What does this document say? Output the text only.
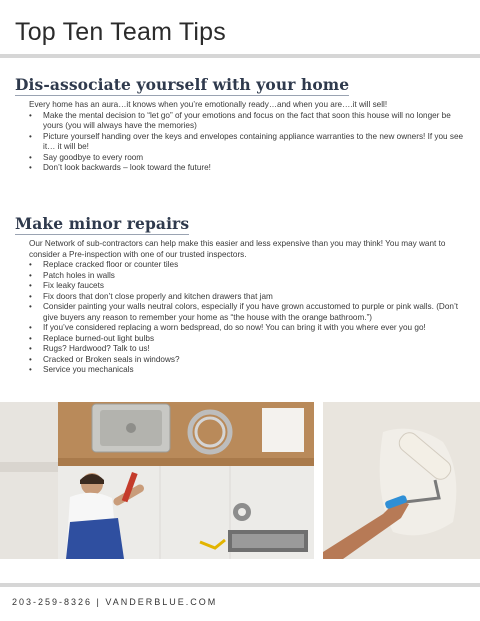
Top Ten Team Tips
Dis-associate yourself with your home

Every home has an aura…it knows when you’re emotionally ready…and when you are….it will sell!

• Make the mental decision to “let go” of your emotions and focus on the fact that soon this house will no longer be yours (you will always have the memories)
• Picture yourself handing over the keys and envelopes containing appliance warranties to the new owners! If you see it… it will be!
• Say goodbye to every room
• Don’t look backwards – look toward the future!
Make minor repairs

Our Network of sub-contractors can help make this easier and less expensive than you may think! You may want to consider a Pre-inspection with one of our trusted inspectors.

• Replace cracked floor or counter tiles
• Patch holes in walls
• Fix leaky faucets
• Fix doors that don’t close properly and kitchen drawers that jam
• Consider painting your walls neutral colors, especially if you have grown accustomed to purple or pink walls. (Don’t give buyers any reason to remember your home as “the house with the orange bathroom.”)
• If you’ve considered replacing a worn bedspread, do so now! You can bring it with you where ever you go!
• Replace burned-out light bulbs
• Rugs? Hardwood? Talk to us!
• Cracked or Broken seals in windows?
• Service you mechanicals
203-259-8326 | VANDERBLUE.COM
